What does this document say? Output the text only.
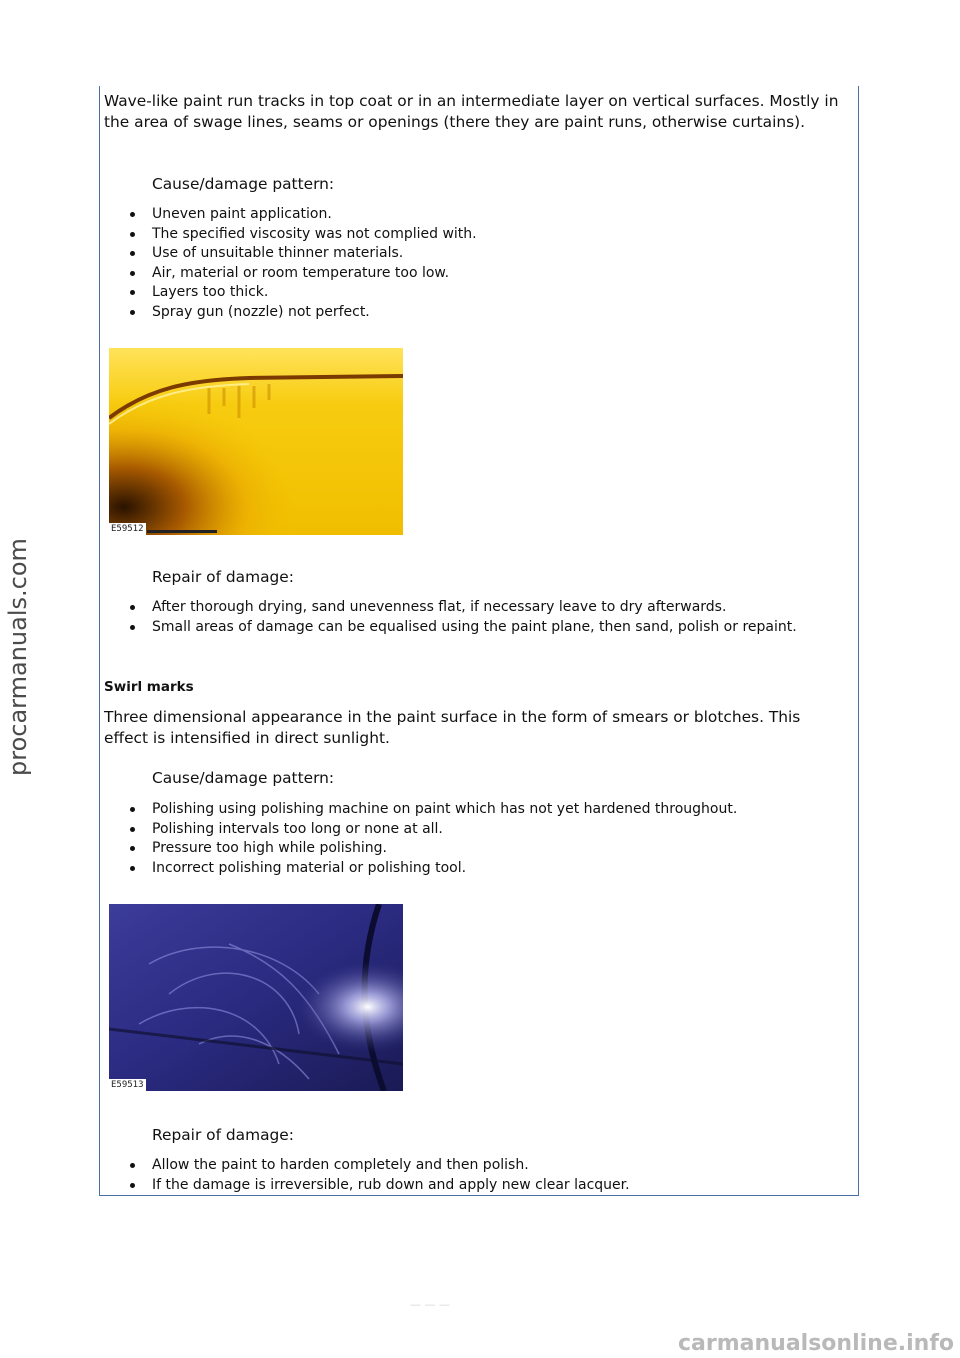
Wave-like paint run tracks in top coat or in an intermediate layer on vertical surfaces. Mostly in the area of swage lines, seams or openings (there they are paint runs, otherwise curtains).

Cause/damage pattern:
Uneven paint application.
The specified viscosity was not complied with.
Use of unsuitable thinner materials.
Air, material or room temperature too low.
Layers too thick.
Spray gun (nozzle) not perfect.
E59512
Repair of damage:
After thorough drying, sand unevenness flat, if necessary leave to dry afterwards.
Small areas of damage can be equalised using the paint plane, then sand, polish or repaint.
Swirl marks

Three dimensional appearance in the paint surface in the form of smears or blotches. This effect is intensified in direct sunlight.

Cause/damage pattern:
Polishing using polishing machine on paint which has not yet hardened throughout.
Polishing intervals too long or none at all.
Pressure too high while polishing.
Incorrect polishing material or polishing tool.
E59513
Repair of damage:
Allow the paint to harden completely and then polish.
If the damage is irreversible, rub down and apply new clear lacquer.
— — —
procarmanuals.com
carmanualsonline.info
